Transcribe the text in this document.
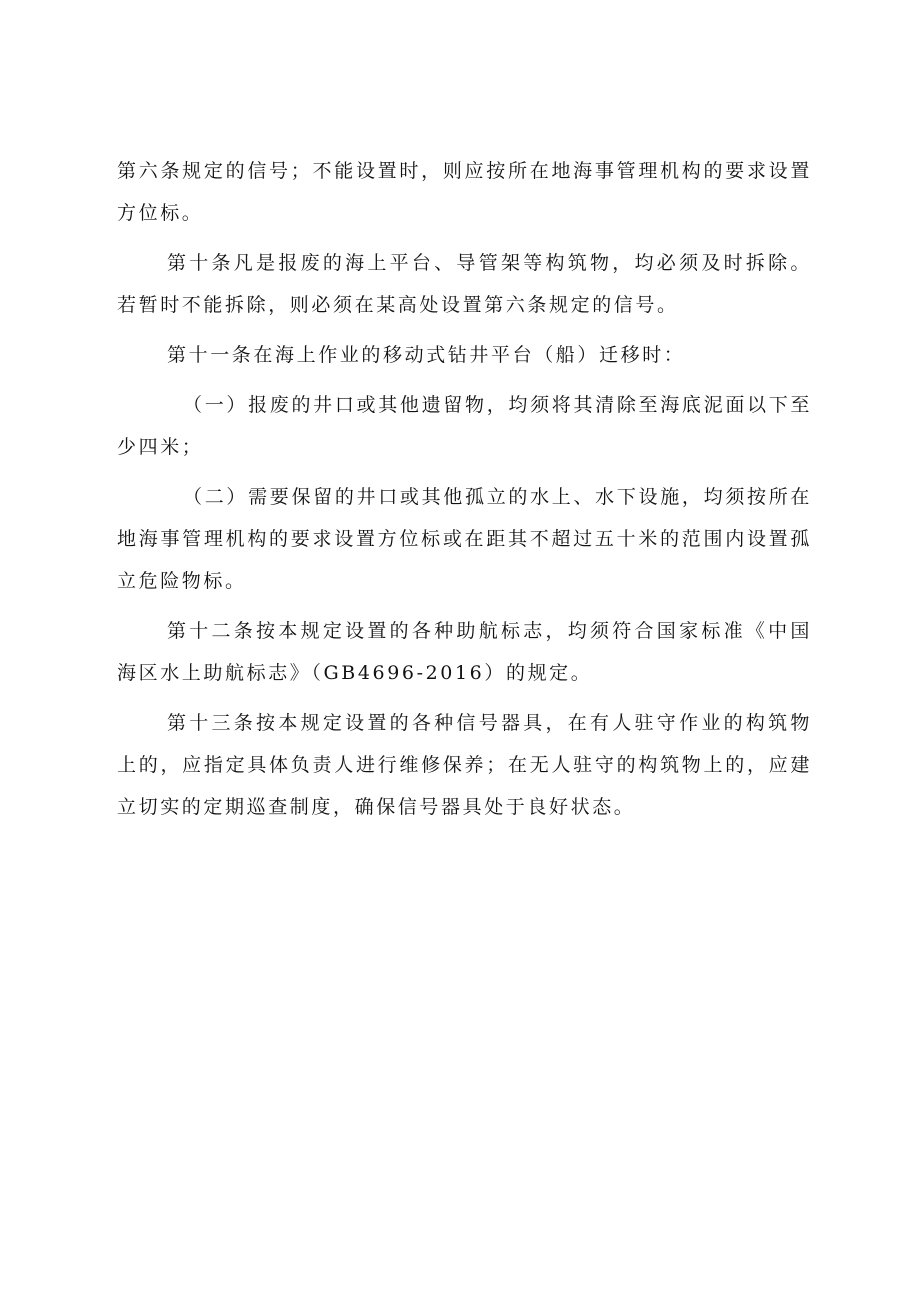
第六条规定的信号；不能设置时，则应按所在地海事管理机构的要求设置方位标。

第十条凡是报废的海上平台、导管架等构筑物，均必须及时拆除。若暂时不能拆除，则必须在某高处设置第六条规定的信号。

第十一条在海上作业的移动式钻井平台（船）迁移时：

（一）报废的井口或其他遗留物，均须将其清除至海底泥面以下至少四米；

（二）需要保留的井口或其他孤立的水上、水下设施，均须按所在地海事管理机构的要求设置方位标或在距其不超过五十米的范围内设置孤立危险物标。

第十二条按本规定设置的各种助航标志，均须符合国家标准《中国海区水上助航标志》（GB4696-2016）的规定。

第十三条按本规定设置的各种信号器具，在有人驻守作业的构筑物上的，应指定具体负责人进行维修保养；在无人驻守的构筑物上的，应建立切实的定期巡查制度，确保信号器具处于良好状态。
